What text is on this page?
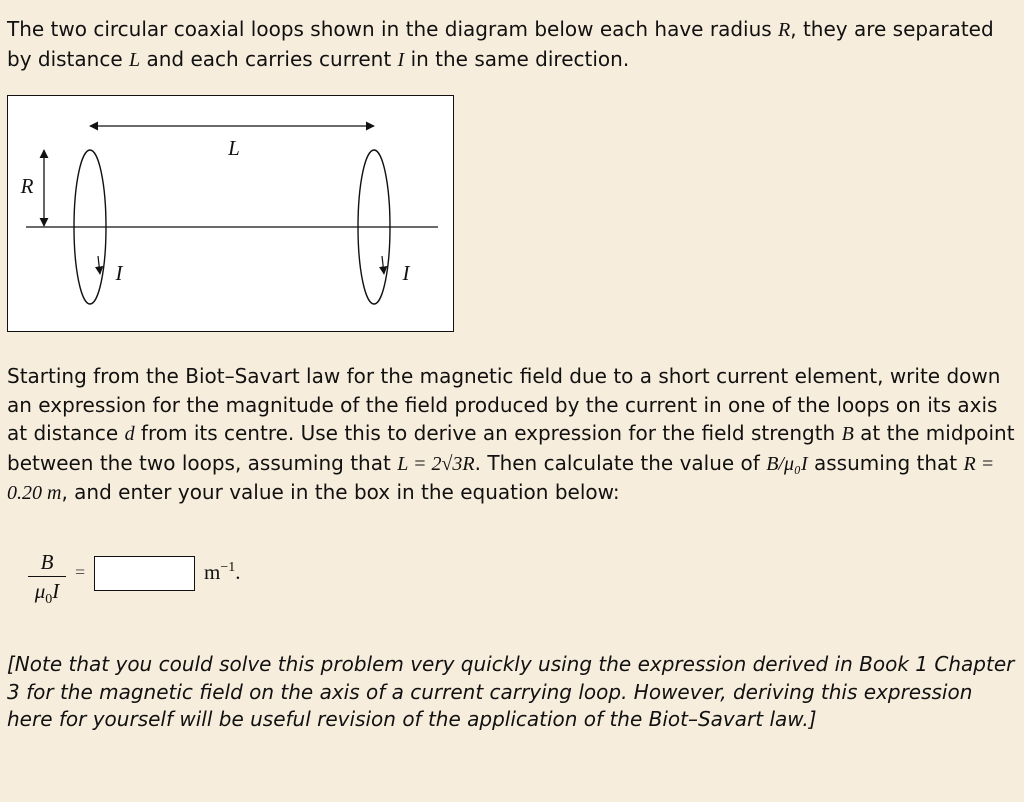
The two circular coaxial loops shown in the diagram below each have radius R, they are separated by distance L and each carries current I in the same direction.

L
R
I	I

Starting from the Biot–Savart law for the magnetic field due to a short current element, write down an expression for the magnitude of the field produced by the current in one of the loops on its axis at distance d from its centre. Use this to derive an expression for the field strength B at the midpoint between the two loops, assuming that L = 2√3R. Then calculate the value of B/μ₀I assuming that R = 0.20 m, and enter your value in the box in the equation below:

B
$\mu_0I$
=	$m^{-1}$.

[Note that you could solve this problem very quickly using the expression derived in Book 1 Chapter 3 for the magnetic field on the axis of a current carrying loop. However, deriving this expression here for yourself will be useful revision of the application of the Biot–Savart law.]
